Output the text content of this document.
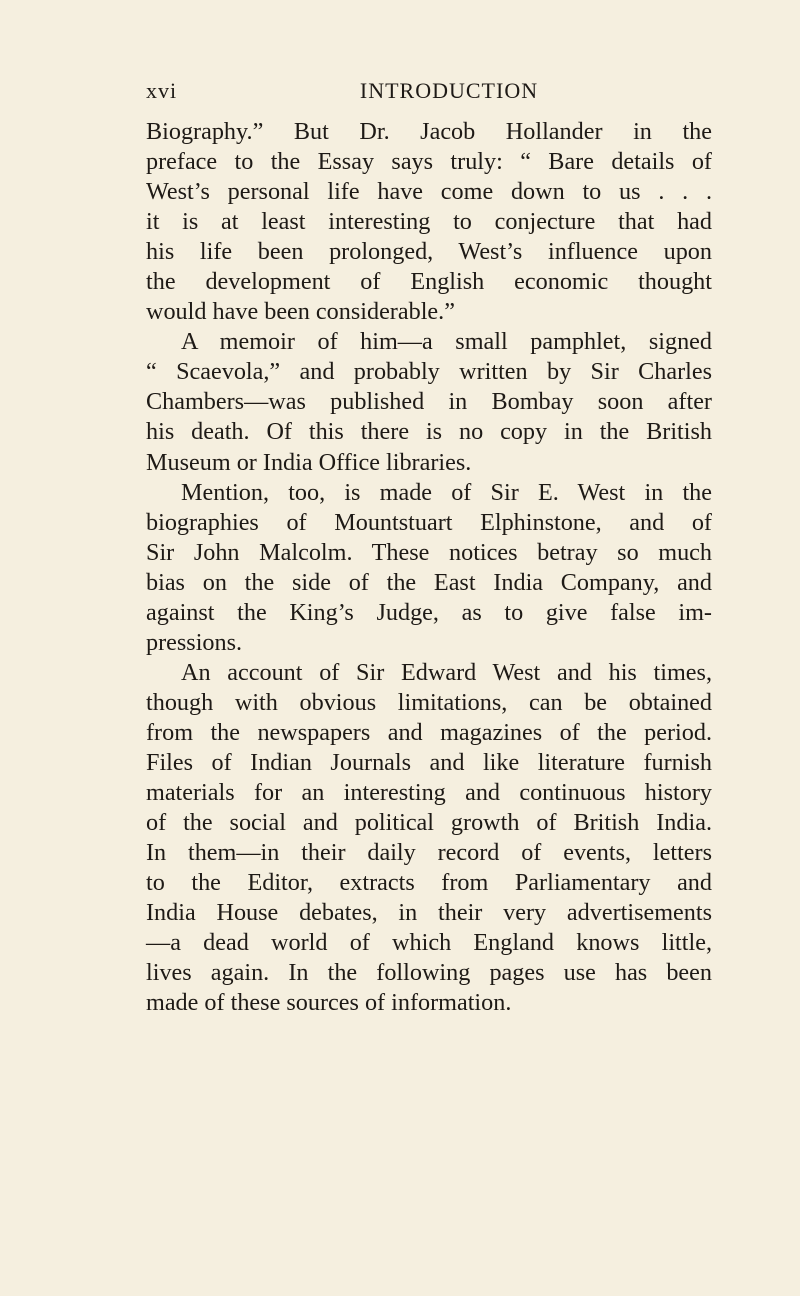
xvi	INTRODUCTION
Biography.” But Dr. Jacob Hollander in the
preface to the Essay says truly: “ Bare details of
West’s personal life have come down to us . . .
it is at least interesting to conjecture that had
his life been prolonged, West’s influence upon
the development of English economic thought
would have been considerable.”
A memoir of him—a small pamphlet, signed
“ Scaevola,” and probably written by Sir Charles
Chambers—was published in Bombay soon after
his death. Of this there is no copy in the British
Museum or India Office libraries.
Mention, too, is made of Sir E. West in the
biographies of Mountstuart Elphinstone, and of
Sir John Malcolm. These notices betray so much
bias on the side of the East India Company, and
against the King’s Judge, as to give false im-
pressions.
An account of Sir Edward West and his times,
though with obvious limitations, can be obtained
from the newspapers and magazines of the period.
Files of Indian Journals and like literature furnish
materials for an interesting and continuous history
of the social and political growth of British India.
In them—in their daily record of events, letters
to the Editor, extracts from Parliamentary and
India House debates, in their very advertisements
—a dead world of which England knows little,
lives again. In the following pages use has been
made of these sources of information.
